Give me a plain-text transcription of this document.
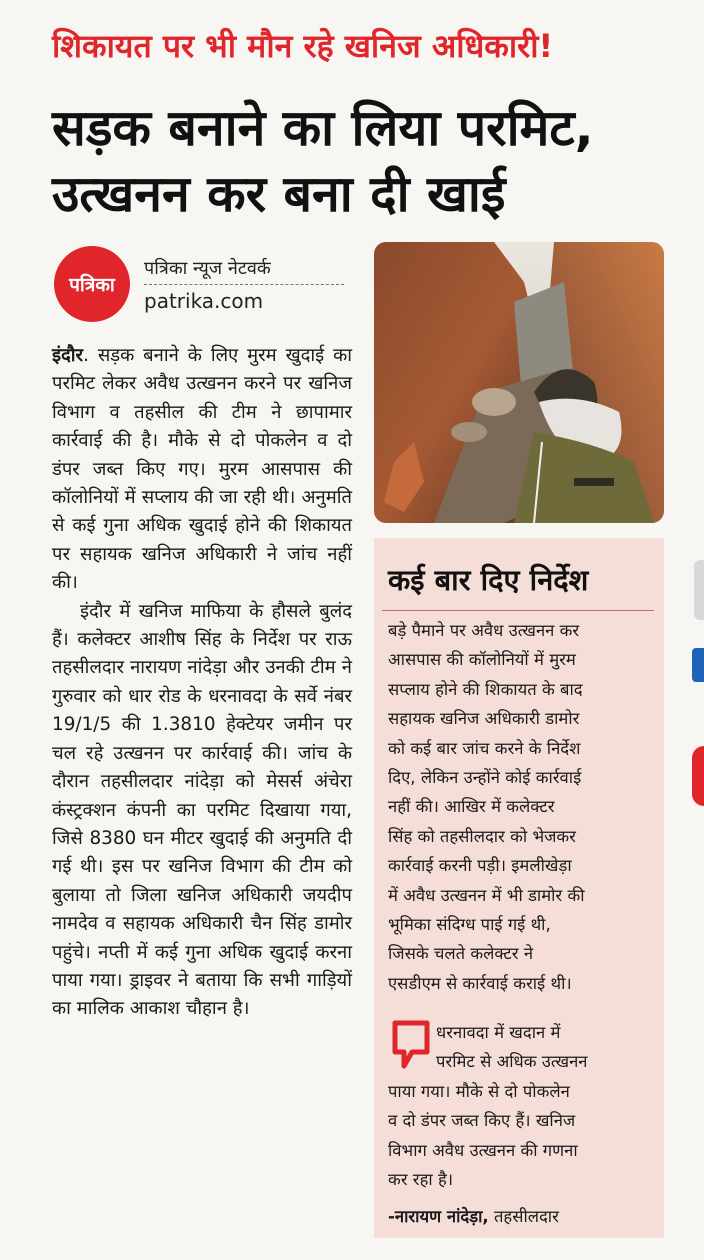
शिकायत पर भी मौन रहे खनिज अधिकारी!
सड़क बनाने का लिया परमिट,
उत्खनन कर बना दी खाई
पत्रिका
पत्रिका न्यूज नेटवर्क
patrika.com

इंदौर. सड़क बनाने के लिए मुरम खुदाई का परमिट लेकर अवैध उत्खनन करने पर खनिज विभाग व तहसील की टीम ने छापामार कार्रवाई की है। मौके से दो पोकलेन व दो डंपर जब्त किए गए। मुरम आसपास की कॉलोनियों में सप्लाय की जा रही थी। अनुमति से कई गुना अधिक खुदाई होने की शिकायत पर सहायक खनिज अधिकारी ने जांच नहीं की।

इंदौर में खनिज माफिया के हौसले बुलंद हैं। कलेक्टर आशीष सिंह के निर्देश पर राऊ तहसीलदार नारायण नांदेड़ा और उनकी टीम ने गुरुवार को धार रोड के धरनावदा के सर्वे नंबर 19/1/5 की 1.3810 हेक्टेयर जमीन पर चल रहे उत्खनन पर कार्रवाई की। जांच के दौरान तहसीलदार नांदेड़ा को मेसर्स अंचेरा कंस्ट्रक्शन कंपनी का परमिट दिखाया गया, जिसे 8380 घन मीटर खुदाई की अनुमति दी गई थी। इस पर खनिज विभाग की टीम को बुलाया तो जिला खनिज अधिकारी जयदीप नामदेव व सहायक अधिकारी चैन सिंह डामोर पहुंचे। नप्ती में कई गुना अधिक खुदाई करना पाया गया। ड्राइवर ने बताया कि सभी गाड़ियों का मालिक आकाश चौहान है।

कई बार दिए निर्देश
बड़े पैमाने पर अवैध उत्खनन कर
आसपास की कॉलोनियों में मुरम
सप्लाय होने की शिकायत के बाद
सहायक खनिज अधिकारी डामोर
को कई बार जांच करने के निर्देश
दिए, लेकिन उन्होंने कोई कार्रवाई
नहीं की। आखिर में कलेक्टर
सिंह को तहसीलदार को भेजकर
कार्रवाई करनी पड़ी। इमलीखेड़ा
में अवैध उत्खनन में भी डामोर की
भूमिका संदिग्ध पाई गई थी,
जिसके चलते कलेक्टर ने
एसडीएम से कार्रवाई कराई थी।
धरनावदा में खदान में
परमिट से अधिक उत्खनन
पाया गया। मौके से दो पोकलेन
व दो डंपर जब्त किए हैं। खनिज
विभाग अवैध उत्खनन की गणना
कर रहा है।
-नारायण नांदेड़ा, तहसीलदार
